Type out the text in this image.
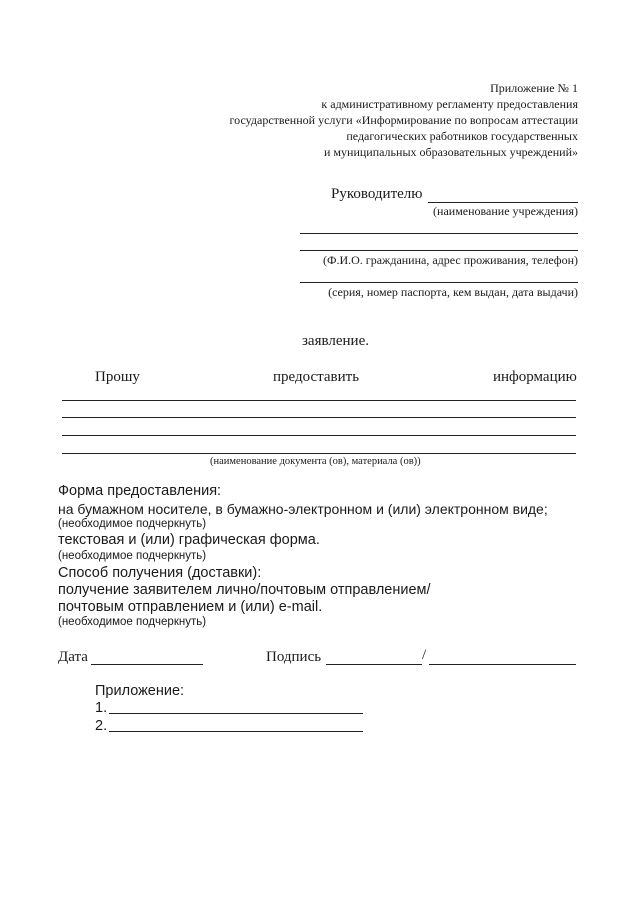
Приложение № 1
к административному регламенту предоставления
государственной услуги «Информирование по вопросам аттестации
педагогических работников государственных
и муниципальных образовательных учреждений»
Руководителю
(наименование учреждения)
(Ф.И.О. гражданина, адрес проживания, телефон)
(серия, номер паспорта, кем выдан, дата выдачи)
заявление.
Прошу	предоставить	информацию
(наименование документа (ов), материала (ов))
Форма предоставления:
на бумажном носителе, в бумажно-электронном и (или) электронном виде;
(необходимое подчеркнуть)
текстовая и (или) графическая форма.
(необходимое подчеркнуть)
Способ получения (доставки):
получение заявителем лично/почтовым отправлением/
почтовым отправлением и (или) e-mail.
(необходимое подчеркнуть)
Дата	Подпись	/
Приложение:
1.
2.
